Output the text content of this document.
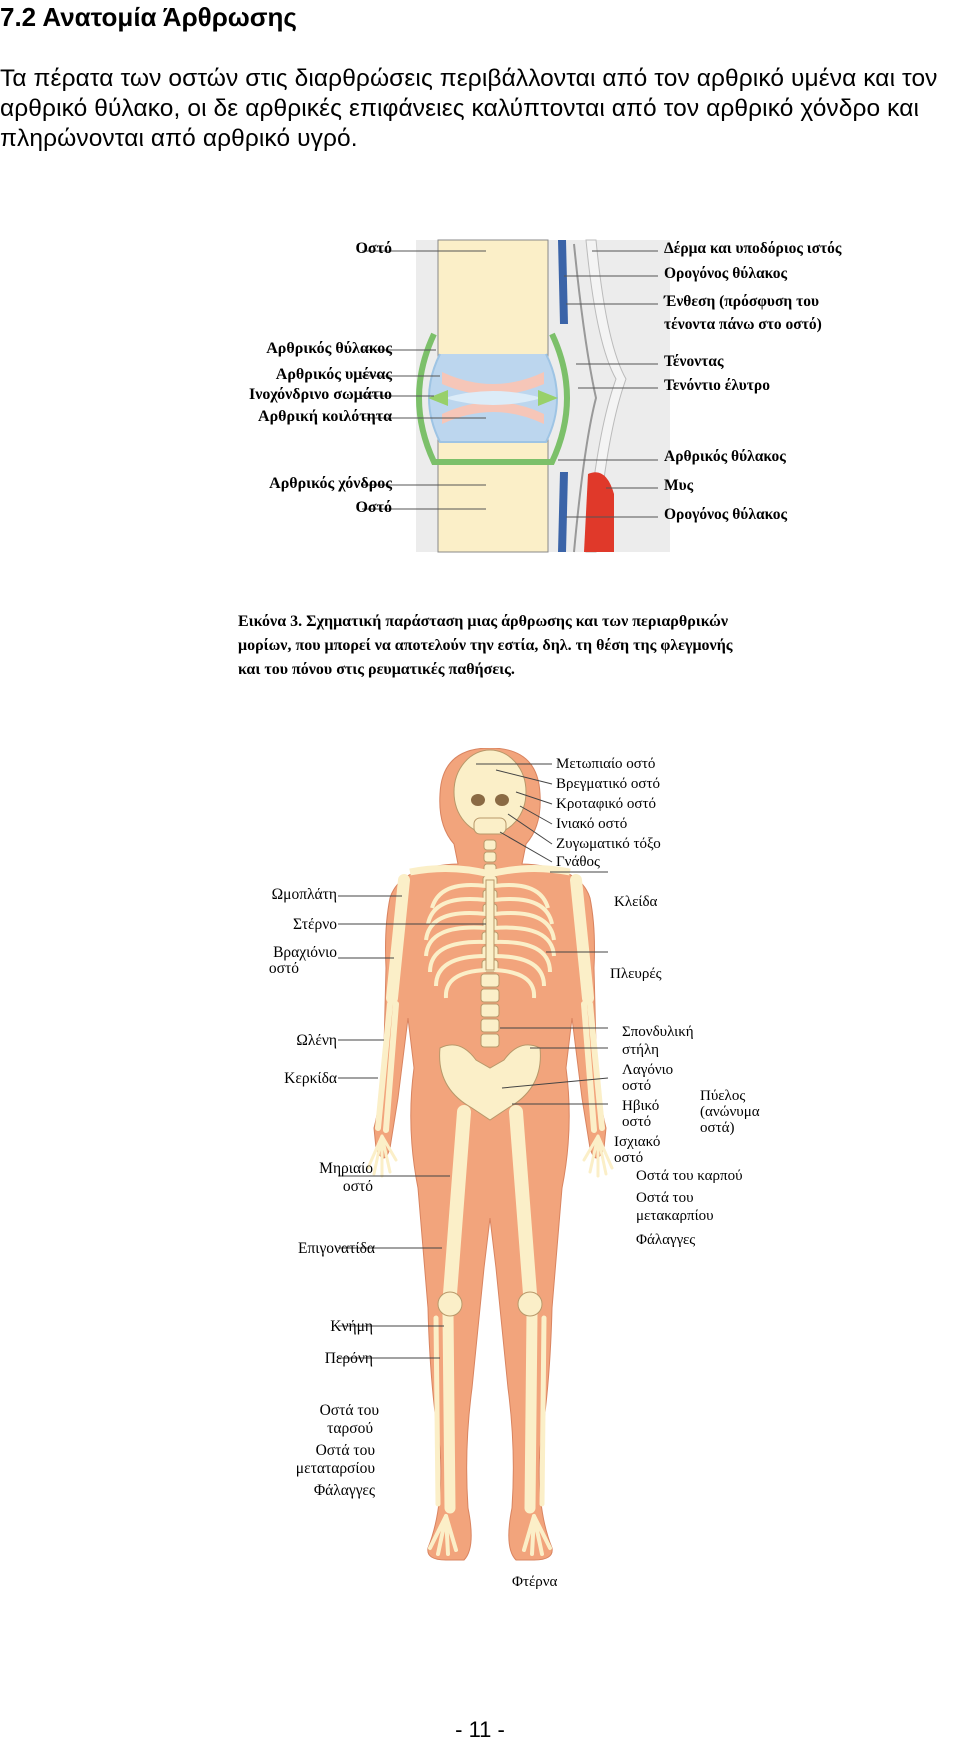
7.2 Ανατομία Άρθρωσης

Τα πέρατα των οστών στις διαρθρώσεις περιβάλλονται από τον αρθρικό υμένα και τον αρθρικό θύλακο, οι δε αρθρικές επιφάνειες καλύπτονται από τον αρθρικό χόνδρο και πληρώνονται από αρθρικό υγρό.

Οστό
Αρθρικός θύλακος
Αρθρικός υμένας
Ινοχόνδρινο σωμάτιο
Αρθρική κοιλότητα
Αρθρικός χόνδρος
Οστό
Δέρμα και υποδόριος ιστός
Ορογόνος θύλακος
Ένθεση (πρόσφυση του
τένοντα πάνω στο οστό)
Τένοντας
Τενόντιο έλυτρο
Αρθρικός θύλακος
Μυς
Ορογόνος θύλακος
Εικόνα 3. Σχηματική παράσταση μιας άρθρωσης και των περιαρθρικών
μορίων, που μπορεί να αποτελούν την εστία, δηλ. τη θέση της φλεγμονής
και του πόνου στις ρευματικές παθήσεις.
Ωμοπλάτη
Στέρνο
Βραχιόνιο
οστό
Ωλένη
Κερκίδα
Μηριαίο
οστό
Επιγονατίδα
Κνήμη
Περόνη
Οστά του
ταρσού
Οστά του
μεταταρσίου
Φάλαγγες
Μετωπιαίο οστό
Βρεγματικό οστό
Κροταφικό οστό
Ινιακό οστό
Ζυγωματικό τόξο
Γνάθος
Κλείδα
Πλευρές
Σπονδυλική
στήλη
Λαγόνιο
οστό
Ηβικό
οστό
Ισχιακό
οστό
Οστά του καρπού
Οστά του
μετακαρπίου
Φάλαγγες
Πύελος
(ανώνυμα
οστά)
Φτέρνα
- 11 -
